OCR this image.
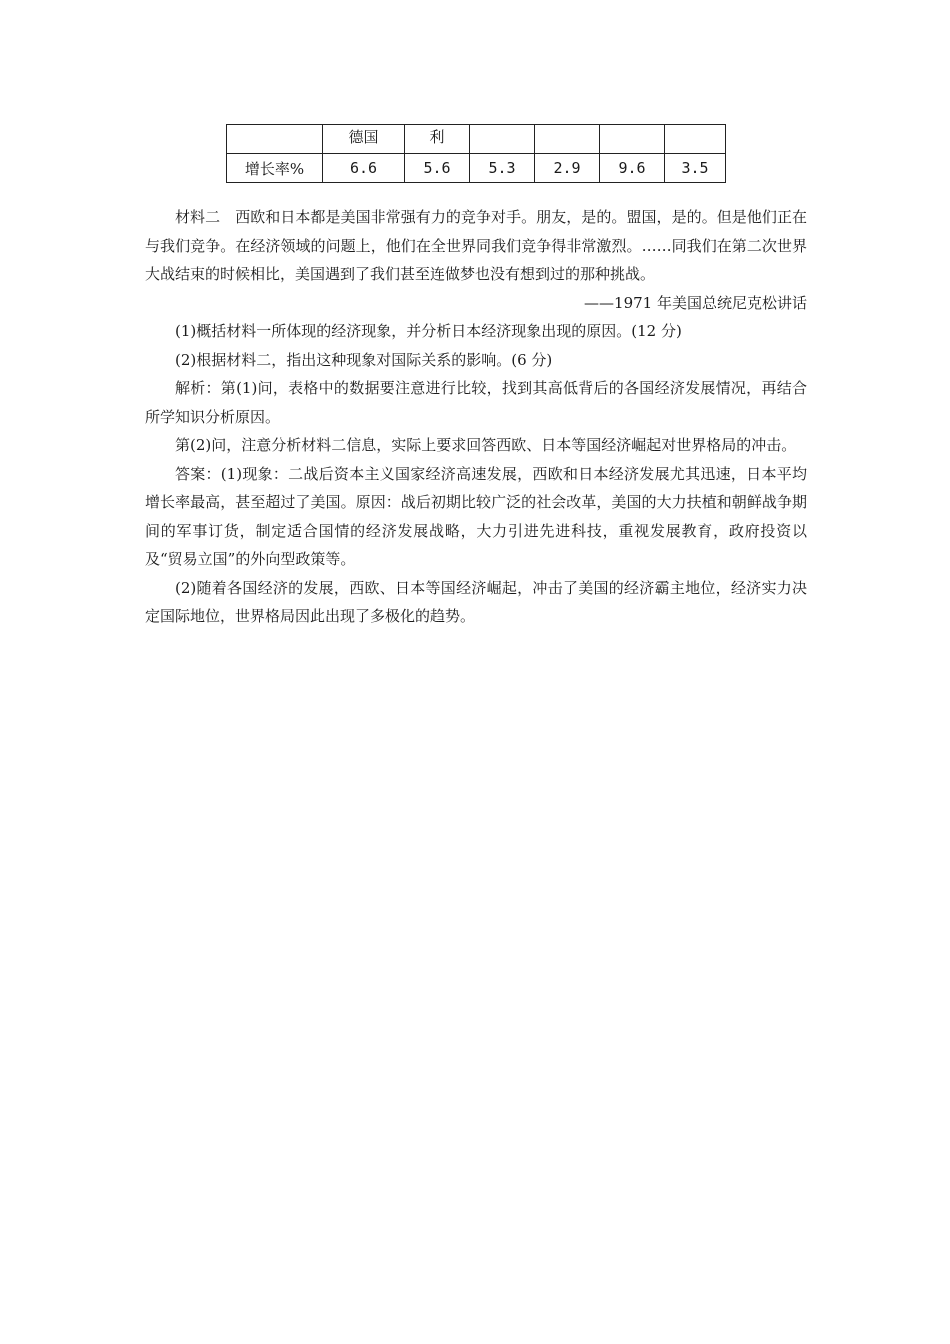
	德国	利				
增长率%	6.6	5.6	5.3	2.9	9.6	3.5

材料二　西欧和日本都是美国非常强有力的竞争对手。朋友，是的。盟国，是的。但是他们正在与我们竞争。在经济领域的问题上，他们在全世界同我们竞争得非常激烈。……同我们在第二次世界大战结束的时候相比，美国遇到了我们甚至连做梦也没有想到过的那种挑战。

——1971 年美国总统尼克松讲话

(1)概括材料一所体现的经济现象，并分析日本经济现象出现的原因。(12 分)

(2)根据材料二，指出这种现象对国际关系的影响。(6 分)

解析：第(1)问，表格中的数据要注意进行比较，找到其高低背后的各国经济发展情况，再结合所学知识分析原因。

第(2)问，注意分析材料二信息，实际上要求回答西欧、日本等国经济崛起对世界格局的冲击。

答案：(1)现象：二战后资本主义国家经济高速发展，西欧和日本经济发展尤其迅速，日本平均增长率最高，甚至超过了美国。原因：战后初期比较广泛的社会改革，美国的大力扶植和朝鲜战争期间的军事订货，制定适合国情的经济发展战略，大力引进先进科技，重视发展教育，政府投资以及“贸易立国”的外向型政策等。

(2)随着各国经济的发展，西欧、日本等国经济崛起，冲击了美国的经济霸主地位，经济实力决定国际地位，世界格局因此出现了多极化的趋势。
